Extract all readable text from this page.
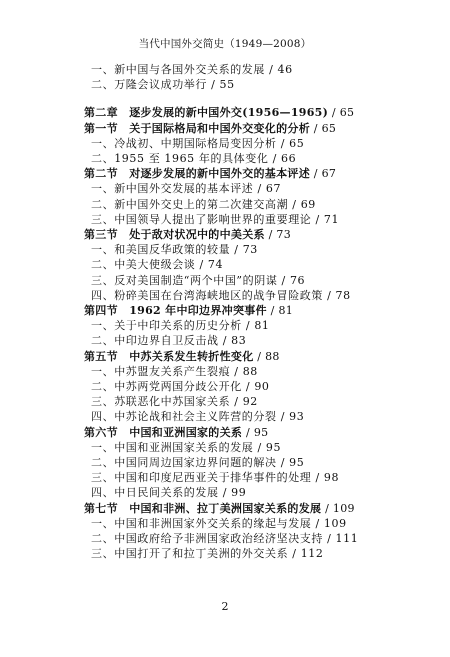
当代中国外交简史（1949—2008）
一、新中国与各国外交关系的发展 / 46
二、万隆会议成功举行 / 55
第二章　逐步发展的新中国外交(1956—1965) / 65
第一节　关于国际格局和中国外交变化的分析 / 65
一、冷战初、中期国际格局变因分析 / 65
二、1955 至 1965 年的具体变化 / 66
第二节　对逐步发展的新中国外交的基本评述 / 67
一、新中国外交发展的基本评述 / 67
二、新中国外交史上的第二次建交高潮 / 69
三、中国领导人提出了影响世界的重要理论 / 71
第三节　处于敌对状况中的中美关系 / 73
一、和美国反华政策的较量 / 73
二、中美大使级会谈 / 74
三、反对美国制造“两个中国”的阴谋 / 76
四、粉碎美国在台湾海峡地区的战争冒险政策 / 78
第四节　1962 年中印边界冲突事件 / 81
一、关于中印关系的历史分析 / 81
二、中印边界自卫反击战 / 83
第五节　中苏关系发生转折性变化 / 88
一、中苏盟友关系产生裂痕 / 88
二、中苏两党两国分歧公开化 / 90
三、苏联恶化中苏国家关系 / 92
四、中苏论战和社会主义阵营的分裂 / 93
第六节　中国和亚洲国家的关系 / 95
一、中国和亚洲国家关系的发展 / 95
二、中国同周边国家边界问题的解决 / 95
三、中国和印度尼西亚关于排华事件的处理 / 98
四、中日民间关系的发展 / 99
第七节　中国和非洲、拉丁美洲国家关系的发展 / 109
一、中国和非洲国家外交关系的缘起与发展 / 109
二、中国政府给予非洲国家政治经济坚决支持 / 111
三、中国打开了和拉丁美洲的外交关系 / 112
2
